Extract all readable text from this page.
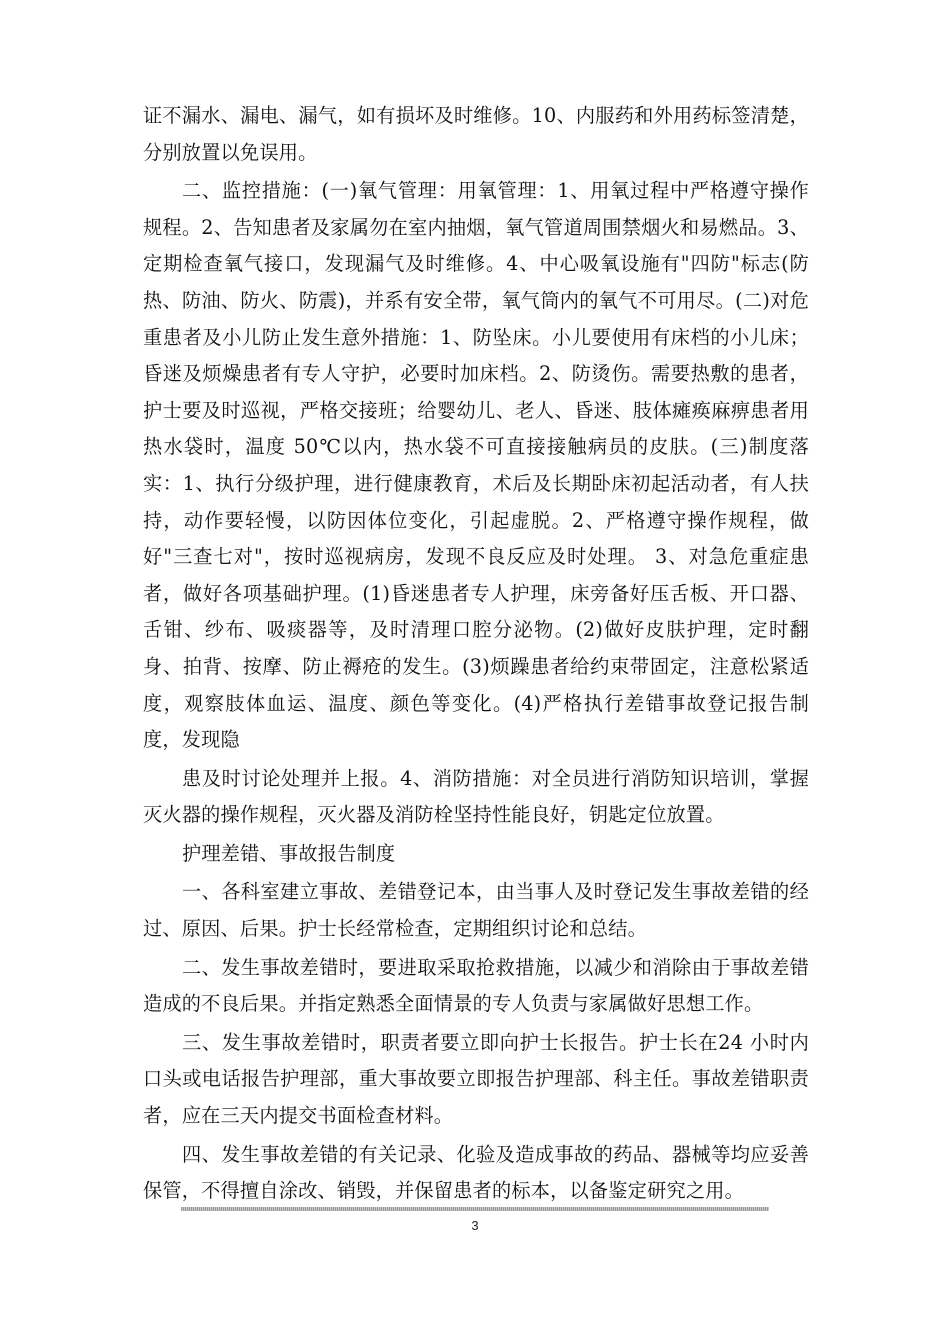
证不漏水、漏电、漏气，如有损坏及时维修。10、内服药和外用药标签清楚，分别放置以免误用。

二、监控措施：(一)氧气管理：用氧管理：1、用氧过程中严格遵守操作规程。2、告知患者及家属勿在室内抽烟，氧气管道周围禁烟火和易燃品。3、定期检查氧气接口，发现漏气及时维修。4、中心吸氧设施有"四防"标志(防热、防油、防火、防震)，并系有安全带，氧气筒内的氧气不可用尽。(二)对危重患者及小儿防止发生意外措施：1、防坠床。小儿要使用有床档的小儿床；昏迷及烦燥患者有专人守护，必要时加床档。2、防烫伤。需要热敷的患者，护士要及时巡视，严格交接班；给婴幼儿、老人、昏迷、肢体瘫痪麻痹患者用热水袋时，温度 50℃以内，热水袋不可直接接触病员的皮肤。(三)制度落实：1、执行分级护理，进行健康教育，术后及长期卧床初起活动者，有人扶持，动作要轻慢，以防因体位变化，引起虚脱。2、严格遵守操作规程，做好"三查七对"，按时巡视病房，发现不良反应及时处理。 3、对急危重症患者，做好各项基础护理。(1)昏迷患者专人护理，床旁备好压舌板、开口器、舌钳、纱布、吸痰器等，及时清理口腔分泌物。(2)做好皮肤护理，定时翻身、拍背、按摩、防止褥疮的发生。(3)烦躁患者给约束带固定，注意松紧适度，观察肢体血运、温度、颜色等变化。(4)严格执行差错事故登记报告制度，发现隐

患及时讨论处理并上报。4、消防措施：对全员进行消防知识培训，掌握灭火器的操作规程，灭火器及消防栓坚持性能良好，钥匙定位放置。

护理差错、事故报告制度

一、各科室建立事故、差错登记本，由当事人及时登记发生事故差错的经过、原因、后果。护士长经常检查，定期组织讨论和总结。

二、发生事故差错时，要进取采取抢救措施，以减少和消除由于事故差错造成的不良后果。并指定熟悉全面情景的专人负责与家属做好思想工作。

三、发生事故差错时，职责者要立即向护士长报告。护士长在24 小时内口头或电话报告护理部，重大事故要立即报告护理部、科主任。事故差错职责者，应在三天内提交书面检查材料。

四、发生事故差错的有关记录、化验及造成事故的药品、器械等均应妥善保管，不得擅自涂改、销毁，并保留患者的标本，以备鉴定研究之用。

3
